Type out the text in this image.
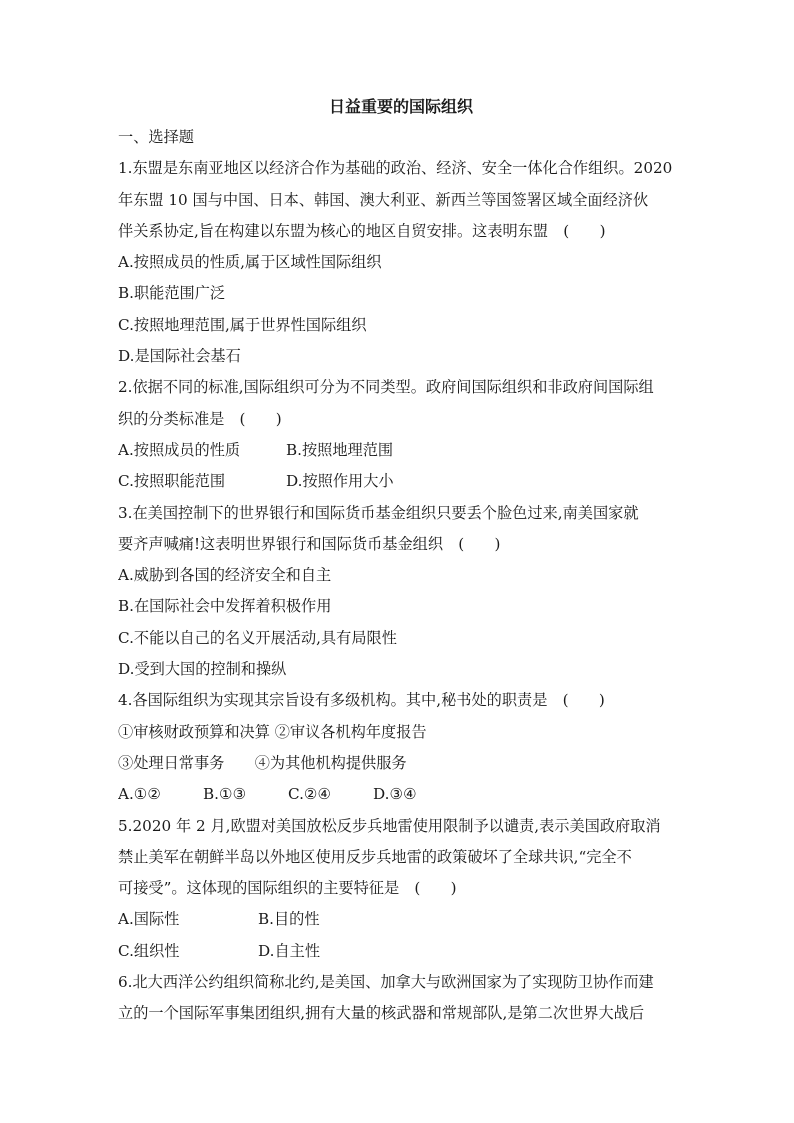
日益重要的国际组织
一、选择题
1.东盟是东南亚地区以经济合作为基础的政治、经济、安全一体化合作组织。2020
年东盟 10 国与中国、日本、韩国、澳大利亚、新西兰等国签署区域全面经济伙
伴关系协定,旨在构建以东盟为核心的地区自贸安排。这表明东盟　(　　)
A.按照成员的性质,属于区域性国际组织
B.职能范围广泛
C.按照地理范围,属于世界性国际组织
D.是国际社会基石
2.依据不同的标准,国际组织可分为不同类型。政府间国际组织和非政府间国际组
织的分类标准是　(　　)
A.按照成员的性质	B.按照地理范围
C.按照职能范围	D.按照作用大小
3.在美国控制下的世界银行和国际货币基金组织只要丢个脸色过来,南美国家就
要齐声喊痛!这表明世界银行和国际货币基金组织　(　　)
A.威胁到各国的经济安全和自主
B.在国际社会中发挥着积极作用
C.不能以自己的名义开展活动,具有局限性
D.受到大国的控制和操纵
4.各国际组织为实现其宗旨设有多级机构。其中,秘书处的职责是　(　　)
①审核财政预算和决算 ②审议各机构年度报告
③处理日常事务　　④为其他机构提供服务
A.①②	B.①③	C.②④	D.③④
5.2020 年 2 月,欧盟对美国放松反步兵地雷使用限制予以谴责,表示美国政府取消
禁止美军在朝鲜半岛以外地区使用反步兵地雷的政策破坏了全球共识,“完全不
可接受”。这体现的国际组织的主要特征是　(　　)
A.国际性	B.目的性
C.组织性	D.自主性
6.北大西洋公约组织简称北约,是美国、加拿大与欧洲国家为了实现防卫协作而建
立的一个国际军事集团组织,拥有大量的核武器和常规部队,是第二次世界大战后
